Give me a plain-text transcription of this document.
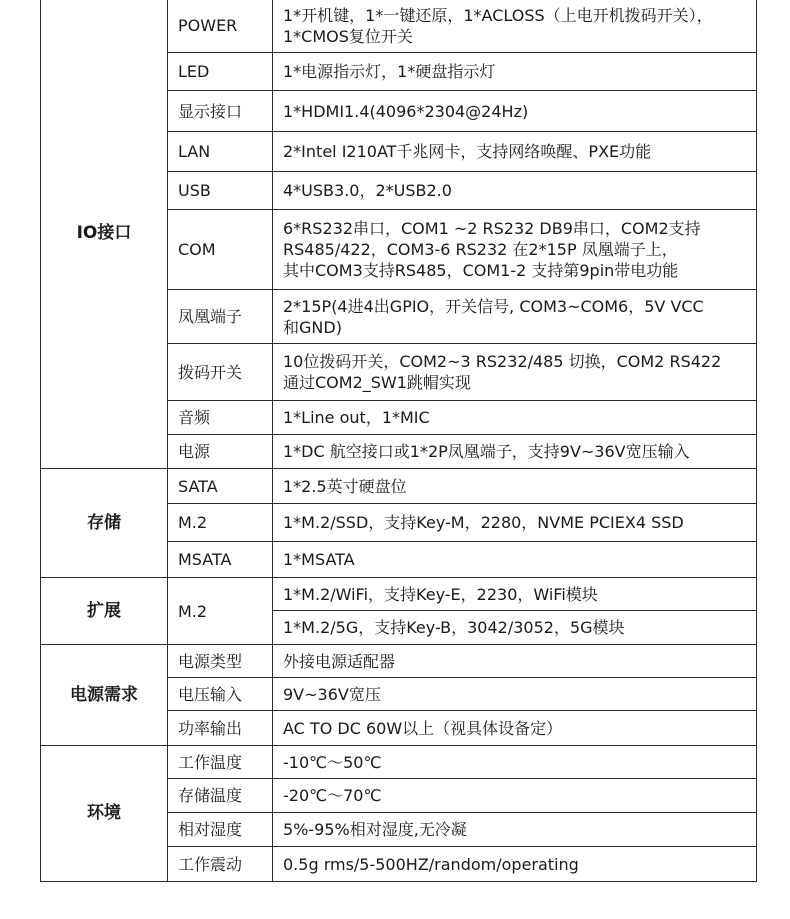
IO接口	POWER	1*开机键，1*一键还原，1*ACLOSS（上电开机拨码开关），
1*CMOS复位开关
	LED	1*电源指示灯，1*硬盘指示灯
	显示接口	1*HDMI1.4(4096*2304@24Hz)
	LAN	2*Intel I210AT千兆网卡，支持网络唤醒、PXE功能
	USB	4*USB3.0，2*USB2.0
	COM	6*RS232串口，COM1 ~2 RS232 DB9串口，COM2支持
RS485/422，COM3-6 RS232 在2*15P 凤凰端子上，
其中COM3支持RS485，COM1-2 支持第9pin带电功能
	凤凰端子	2*15P(4进4出GPIO，开关信号, COM3~COM6，5V VCC
和GND)
	拨码开关	10位拨码开关，COM2~3 RS232/485 切换，COM2 RS422
通过COM2_SW1跳帽实现
	音频	1*Line out，1*MIC
	电源	1*DC 航空接口或1*2P凤凰端子，支持9V~36V宽压输入
存储	SATA	1*2.5英寸硬盘位
	M.2	1*M.2/SSD，支持Key-M，2280，NVME PCIEX4 SSD
	MSATA	1*MSATA
扩展	M.2	1*M.2/WiFi，支持Key-E，2230，WiFi模块
		1*M.2/5G，支持Key-B，3042/3052，5G模块
电源需求	电源类型	外接电源适配器
	电压输入	9V~36V宽压
	功率输出	AC TO DC 60W以上（视具体设备定）
环境	工作温度	-10℃～50℃
	存储温度	-20℃～70℃
	相对湿度	5%-95%相对湿度,无冷凝
	工作震动	0.5g rms/5-500HZ/random/operating
